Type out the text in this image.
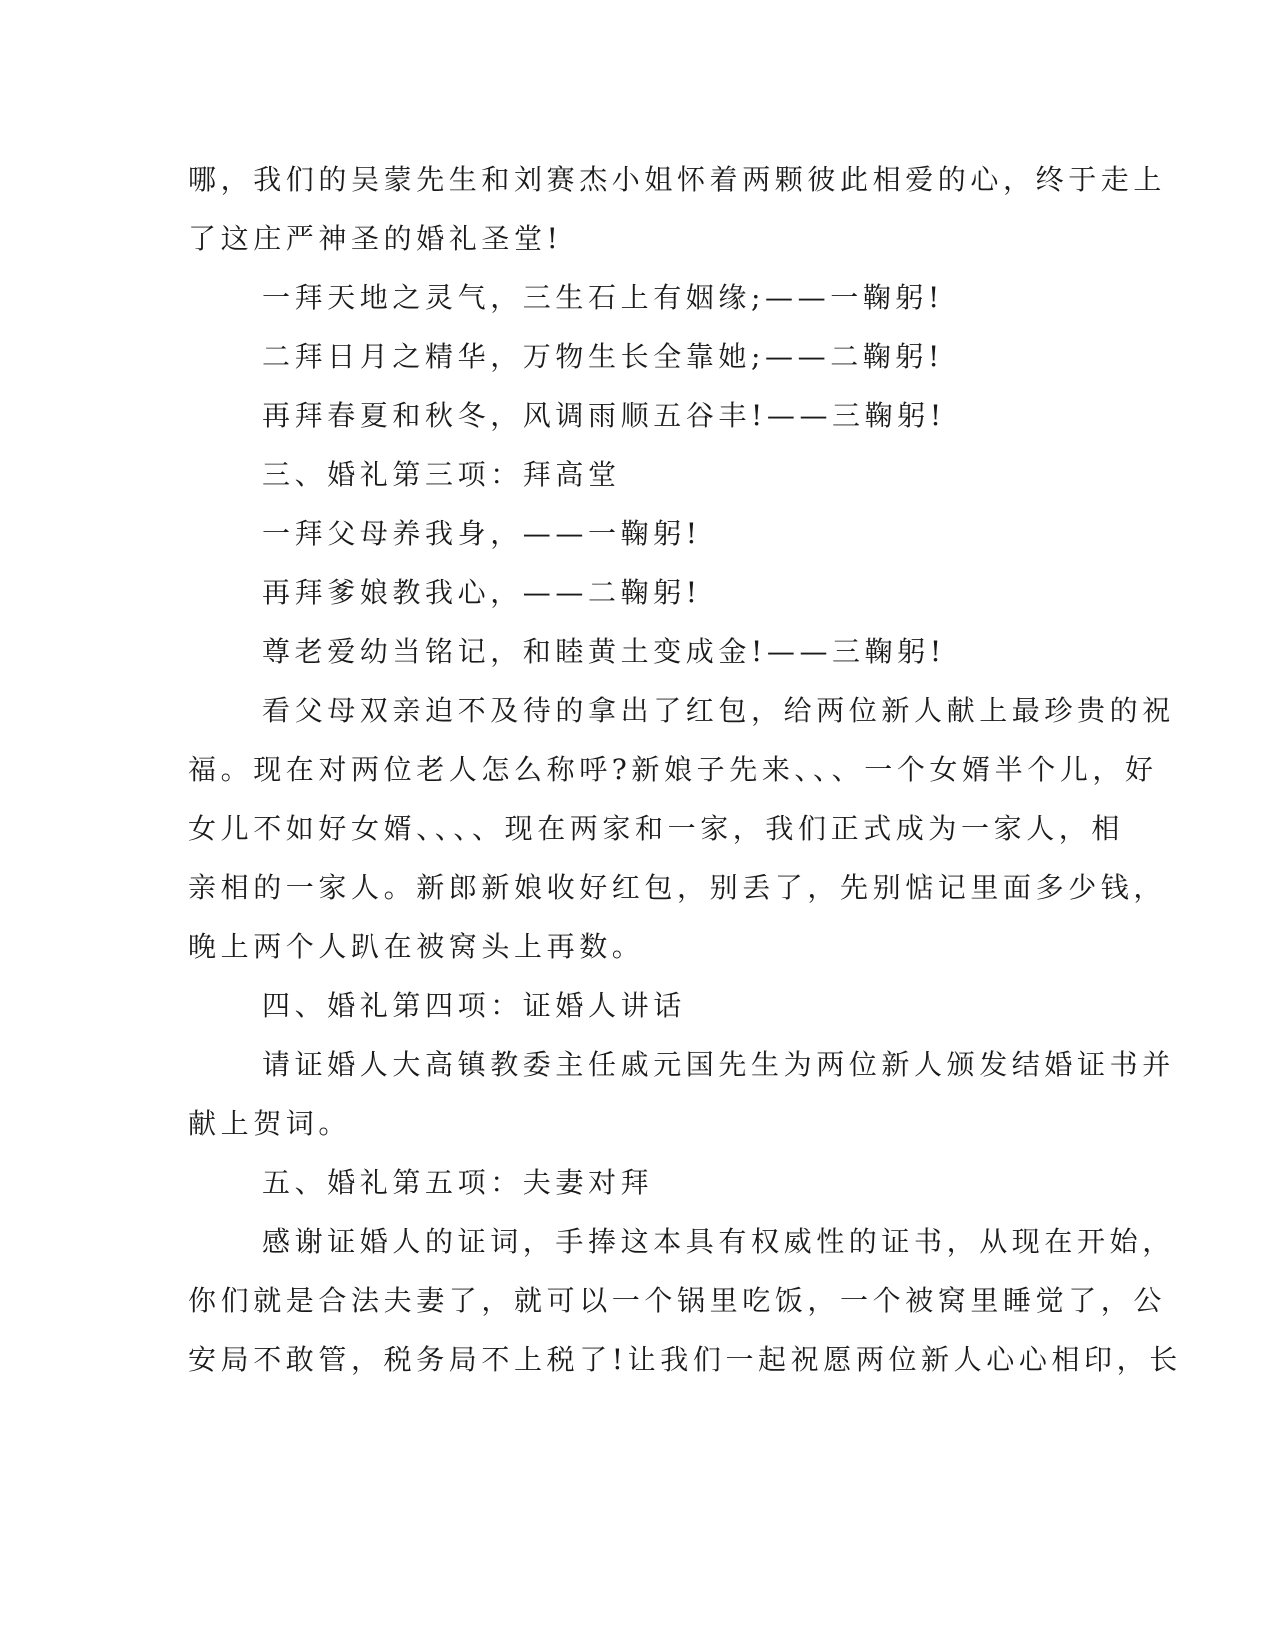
哪，我们的吴蒙先生和刘赛杰小姐怀着两颗彼此相爱的心，终于走上
了这庄严神圣的婚礼圣堂!
一拜天地之灵气，三生石上有姻缘;——一鞠躬!
二拜日月之精华，万物生长全靠她;——二鞠躬!
再拜春夏和秋冬，风调雨顺五谷丰!——三鞠躬!
三、婚礼第三项：拜高堂
一拜父母养我身，——一鞠躬!
再拜爹娘教我心，——二鞠躬!
尊老爱幼当铭记，和睦黄土变成金!——三鞠躬!
看父母双亲迫不及待的拿出了红包，给两位新人献上最珍贵的祝
福。现在对两位老人怎么称呼?新娘子先来、、、一个女婿半个儿，好
女儿不如好女婿、、、、现在两家和一家，我们正式成为一家人，相
亲相的一家人。新郎新娘收好红包，别丢了，先别惦记里面多少钱，
晚上两个人趴在被窝头上再数。
四、婚礼第四项：证婚人讲话
请证婚人大高镇教委主任戚元国先生为两位新人颁发结婚证书并
献上贺词。
五、婚礼第五项：夫妻对拜
感谢证婚人的证词，手捧这本具有权威性的证书，从现在开始，
你们就是合法夫妻了，就可以一个锅里吃饭，一个被窝里睡觉了，公
安局不敢管，税务局不上税了!让我们一起祝愿两位新人心心相印，长
